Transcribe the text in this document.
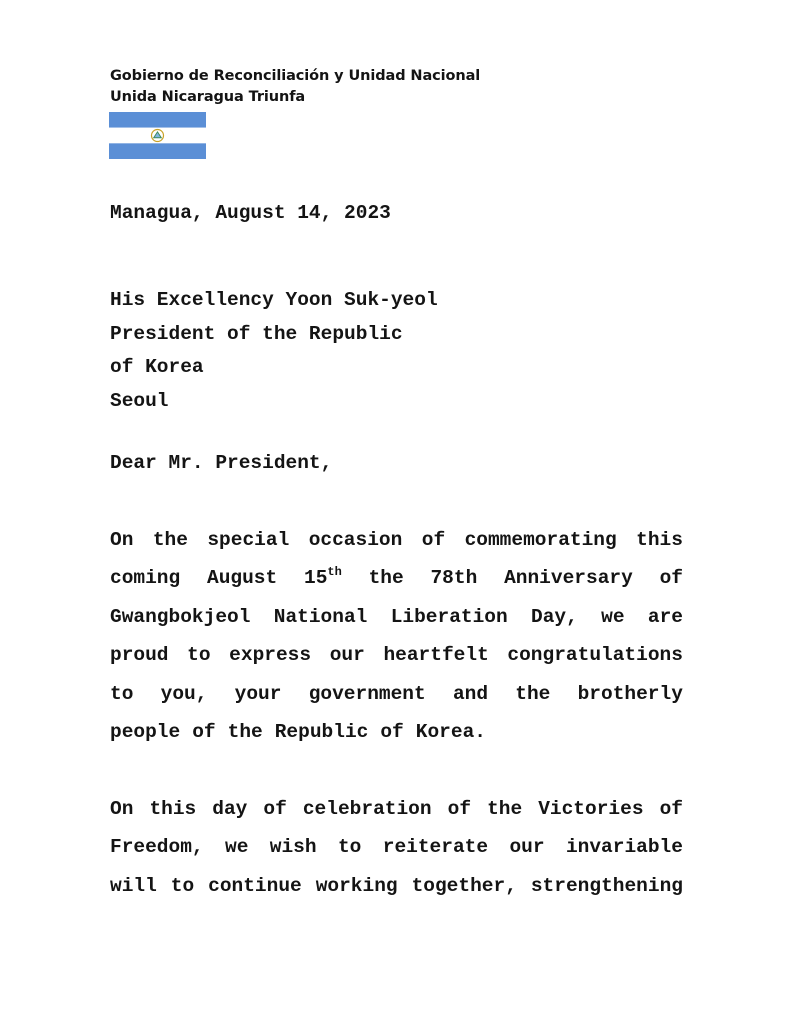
Gobierno de Reconciliación y Unidad Nacional
Unida Nicaragua Triunfa
Managua, August 14, 2023
His Excellency Yoon Suk-yeol
President of the Republic
of Korea
Seoul
Dear Mr. President,
On the special occasion of commemorating this
coming August 15th the 78th Anniversary of
Gwangbokjeol National Liberation Day, we are
proud to express our heartfelt congratulations
to you, your government and the brotherly
people of the Republic of Korea.
On this day of celebration of the Victories of
Freedom, we wish to reiterate our invariable
will to continue working together, strengthening
